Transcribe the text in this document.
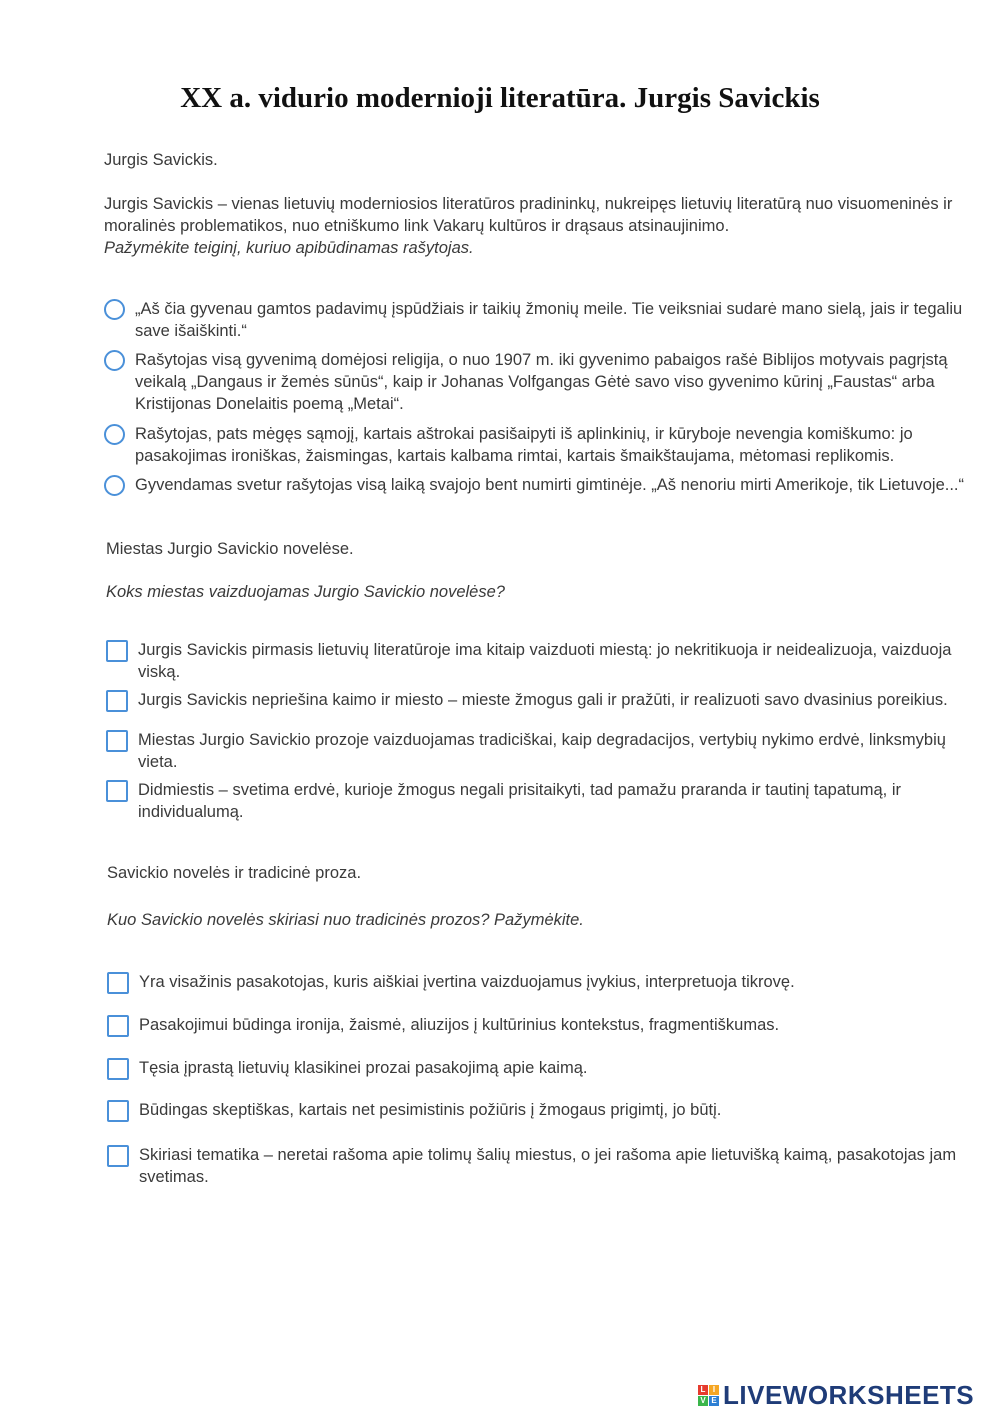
XX a. vidurio modernioji literatūra. Jurgis Savickis
Jurgis Savickis.
Jurgis Savickis – vienas lietuvių moderniosios literatūros pradininkų, nukreipęs lietuvių literatūrą nuo visuomeninės ir
moralinės problematikos, nuo etniškumo link Vakarų kultūros ir drąsaus atsinaujinimo.
Pažymėkite teiginį, kuriuo apibūdinamas rašytojas.
„Aš čia gyvenau gamtos padavimų įspūdžiais ir taikių žmonių meile. Tie veiksniai sudarė mano sielą, jais ir tegaliu
save išaiškinti.“
Rašytojas visą gyvenimą domėjosi religija, o nuo 1907 m. iki gyvenimo pabaigos rašė Biblijos motyvais pagrįstą
veikalą „Dangaus ir žemės sūnūs“, kaip ir Johanas Volfgangas Gėtė savo viso gyvenimo kūrinį „Faustas“ arba
Kristijonas Donelaitis poemą „Metai“.
Rašytojas, pats mėgęs sąmojį, kartais aštrokai pasišaipyti iš aplinkinių, ir kūryboje nevengia komiškumo: jo
pasakojimas ironiškas, žaismingas, kartais kalbama rimtai, kartais šmaikštaujama, mėtomasi replikomis.
Gyvendamas svetur rašytojas visą laiką svajojo bent numirti gimtinėje. „Aš nenoriu mirti Amerikoje, tik Lietuvoje...“
Miestas Jurgio Savickio novelėse.
Koks miestas vaizduojamas Jurgio Savickio novelėse?
Jurgis Savickis pirmasis lietuvių literatūroje ima kitaip vaizduoti miestą: jo nekritikuoja ir neidealizuoja, vaizduoja
viską.
Jurgis Savickis nepriešina kaimo ir miesto – mieste žmogus gali ir pražūti, ir realizuoti savo dvasinius poreikius.
Miestas Jurgio Savickio prozoje vaizduojamas tradiciškai, kaip degradacijos, vertybių nykimo erdvė, linksmybių
vieta.
Didmiestis – svetima erdvė, kurioje žmogus negali prisitaikyti, tad pamažu praranda ir tautinį tapatumą, ir
individualumą.
Savickio novelės ir tradicinė proza.
Kuo Savickio novelės skiriasi nuo tradicinės prozos? Pažymėkite.
Yra visažinis pasakotojas, kuris aiškiai įvertina vaizduojamus įvykius, interpretuoja tikrovę.
Pasakojimui būdinga ironija, žaismė, aliuzijos į kultūrinius kontekstus, fragmentiškumas.
Tęsia įprastą lietuvių klasikinei prozai pasakojimą apie kaimą.
Būdingas skeptiškas, kartais net pesimistinis požiūris į žmogaus prigimtį, jo būtį.
Skiriasi tematika – neretai rašoma apie tolimų šalių miestus, o jei rašoma apie lietuvišką kaimą, pasakotojas jam
svetimas.
L I
V E LIVEWORKSHEETS
